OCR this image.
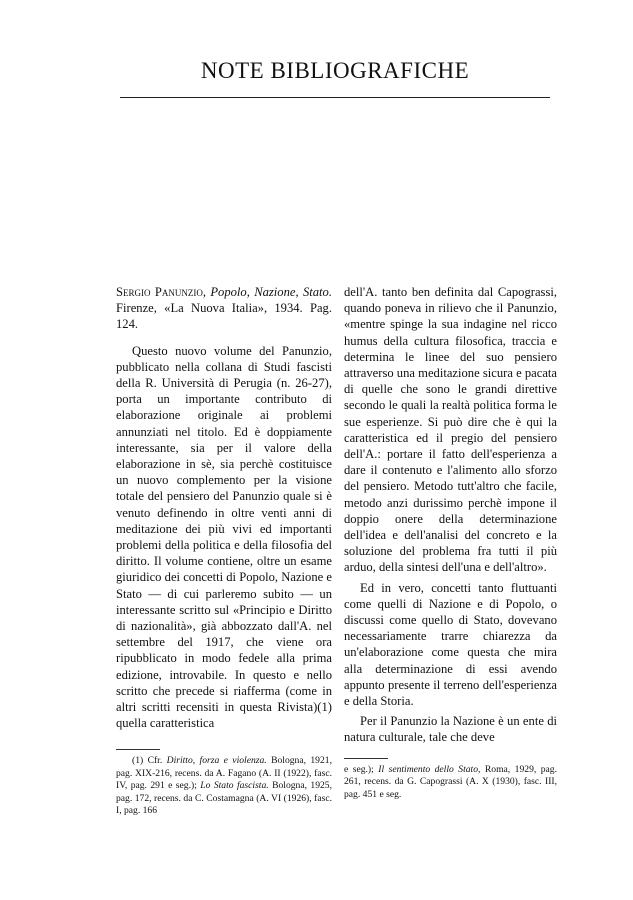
NOTE BIBLIOGRAFICHE

Sergio Panunzio, Popolo, Nazione, Stato. Firenze, «La Nuova Italia», 1934. Pag. 124.

Questo nuovo volume del Panunzio, pubblicato nella collana di Studi fascisti della R. Università di Perugia (n. 26-27), porta un importante contributo di elaborazione originale ai problemi annunziati nel titolo. Ed è doppiamente interessante, sia per il valore della elaborazione in sè, sia perchè costituisce un nuovo complemento per la visione totale del pensiero del Panunzio quale si è venuto definendo in oltre venti anni di meditazione dei più vivi ed importanti problemi della politica e della filosofia del diritto. Il volume contiene, oltre un esame giuridico dei concetti di Popolo, Nazione e Stato — di cui parleremo subito — un interessante scritto sul «Principio e Diritto di nazionalità», già abbozzato dall'A. nel settembre del 1917, che viene ora ripubblicato in modo fedele alla prima edizione, introvabile. In questo e nello scritto che precede si riafferma (come in altri scritti recensiti in questa Rivista)(1) quella caratteristica

(1) Cfr. Diritto, forza e violenza. Bologna, 1921, pag. XIX-216, recens. da A. Fagano (A. II (1922), fasc. IV, pag. 291 e seg.); Lo Stato fascista. Bologna, 1925, pag. 172, recens. da C. Costamagna (A. VI (1926), fasc. I, pag. 166

dell'A. tanto ben definita dal Capograssi, quando poneva in rilievo che il Panunzio, «mentre spinge la sua indagine nel ricco humus della cultura filosofica, traccia e determina le linee del suo pensiero attraverso una meditazione sicura e pacata di quelle che sono le grandi direttive secondo le quali la realtà politica forma le sue esperienze. Si può dire che è qui la caratteristica ed il pregio del pensiero dell'A.: portare il fatto dell'esperienza a dare il contenuto e l'alimento allo sforzo del pensiero. Metodo tutt'altro che facile, metodo anzi durissimo perchè impone il doppio onere della determinazione dell'idea e dell'analisi del concreto e la soluzione del problema fra tutti il più arduo, della sintesi dell'una e dell'altro».

Ed in vero, concetti tanto fluttuanti come quelli di Nazione e di Popolo, o discussi come quello di Stato, dovevano necessariamente trarre chiarezza da un'elaborazione come questa che mira alla determinazione di essi avendo appunto presente il terreno dell'esperienza e della Storia.

Per il Panunzio la Nazione è un ente di natura culturale, tale che deve

e seg.); Il sentimento dello Stato, Roma, 1929, pag. 261, recens. da G. Capograssi (A. X (1930), fasc. III, pag. 451 e seg.
